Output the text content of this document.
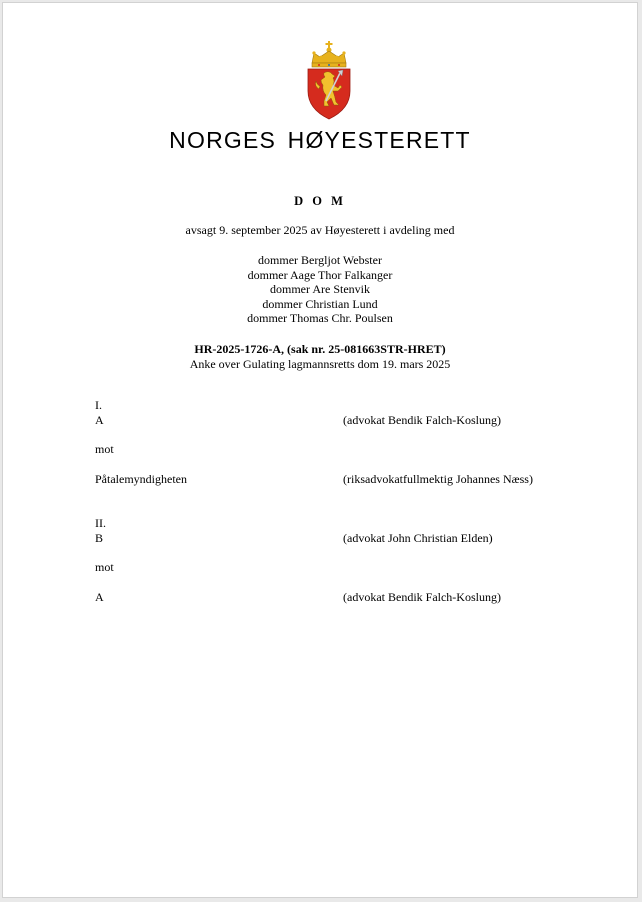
NORGES HØYESTERETT
D O M
avsagt 9. september 2025 av Høyesterett i avdeling med
dommer Bergljot Webster
dommer Aage Thor Falkanger
dommer Are Stenvik
dommer Christian Lund
dommer Thomas Chr. Poulsen
HR-2025-1726-A, (sak nr. 25-081663STR-HRET)
Anke over Gulating lagmannsretts dom 19. mars 2025
I.
A	(advokat Bendik Falch-Koslung)
mot
Påtalemyndigheten	(riksadvokatfullmektig Johannes Næss)
II.
B	(advokat John Christian Elden)
mot
A	(advokat Bendik Falch-Koslung)
